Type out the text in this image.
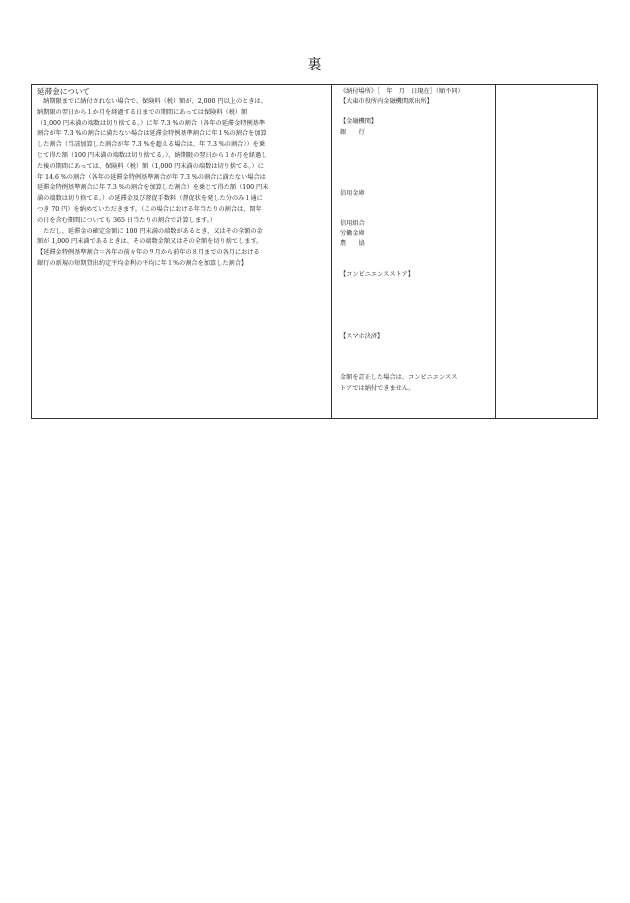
裏
延滞金について

　納期限までに納付されない場合で、保険料（税）額が、2,000 円以上のときは、
納期限の翌日から１か月を経過する日までの期間にあっては保険料（税）額
（1,000 円未満の端数は切り捨てる。）に年 7.3 %の割合（各年の延滞金特例基準
割合が年 7.3 %の割合に満たない場合は延滞金特例基準割合に年１%の割合を加算
した割合（当該加算した割合が年 7.3 %を超える場合は、年 7.3 %の割合））を乗
じて得た額（100 円未満の端数は切り捨てる。）、納期限の翌日から１か月を経過し
た後の期間にあっては、保険料（税）額（1,000 円未満の端数は切り捨てる。）に
年 14.6 %の割合（各年の延滞金特例基準割合が年 7.3 %の割合に満たない場合は
延滞金特例基準割合に年 7.3 %の割合を加算した割合）を乗じて得た額（100 円未
満の端数は切り捨てる。）の延滞金及び督促手数料（督促状を発した分のみ１通に
つき 70 円）を納めていただきます。（この場合における年当たりの割合は、閏年
の日を含む期間についても 365 日当たりの割合で計算します。）
　ただし、延滞金の確定金額に 100 円未満の端数があるとき、又はその全額の金
額が 1,000 円未満であるときは、その端数金額又はその全額を切り捨てします。
【延滞金特例基準割合＝各年の前々年の９月から前年の８月までの各月における
銀行の新規の短期貸出約定平均金利の平均に年１%の割合を加算した割合】

《納付場所》［　年　月　日現在］（順不同）
【大東市役所内金融機関派出所】
【金融機関】
銀　　行
信用金庫
信用組合
労働金庫
農　　協
【コンビニエンスストア】
【スマホ決済】

金額を訂正した場合は、コンビニエンスス
トアでは納付できません。
